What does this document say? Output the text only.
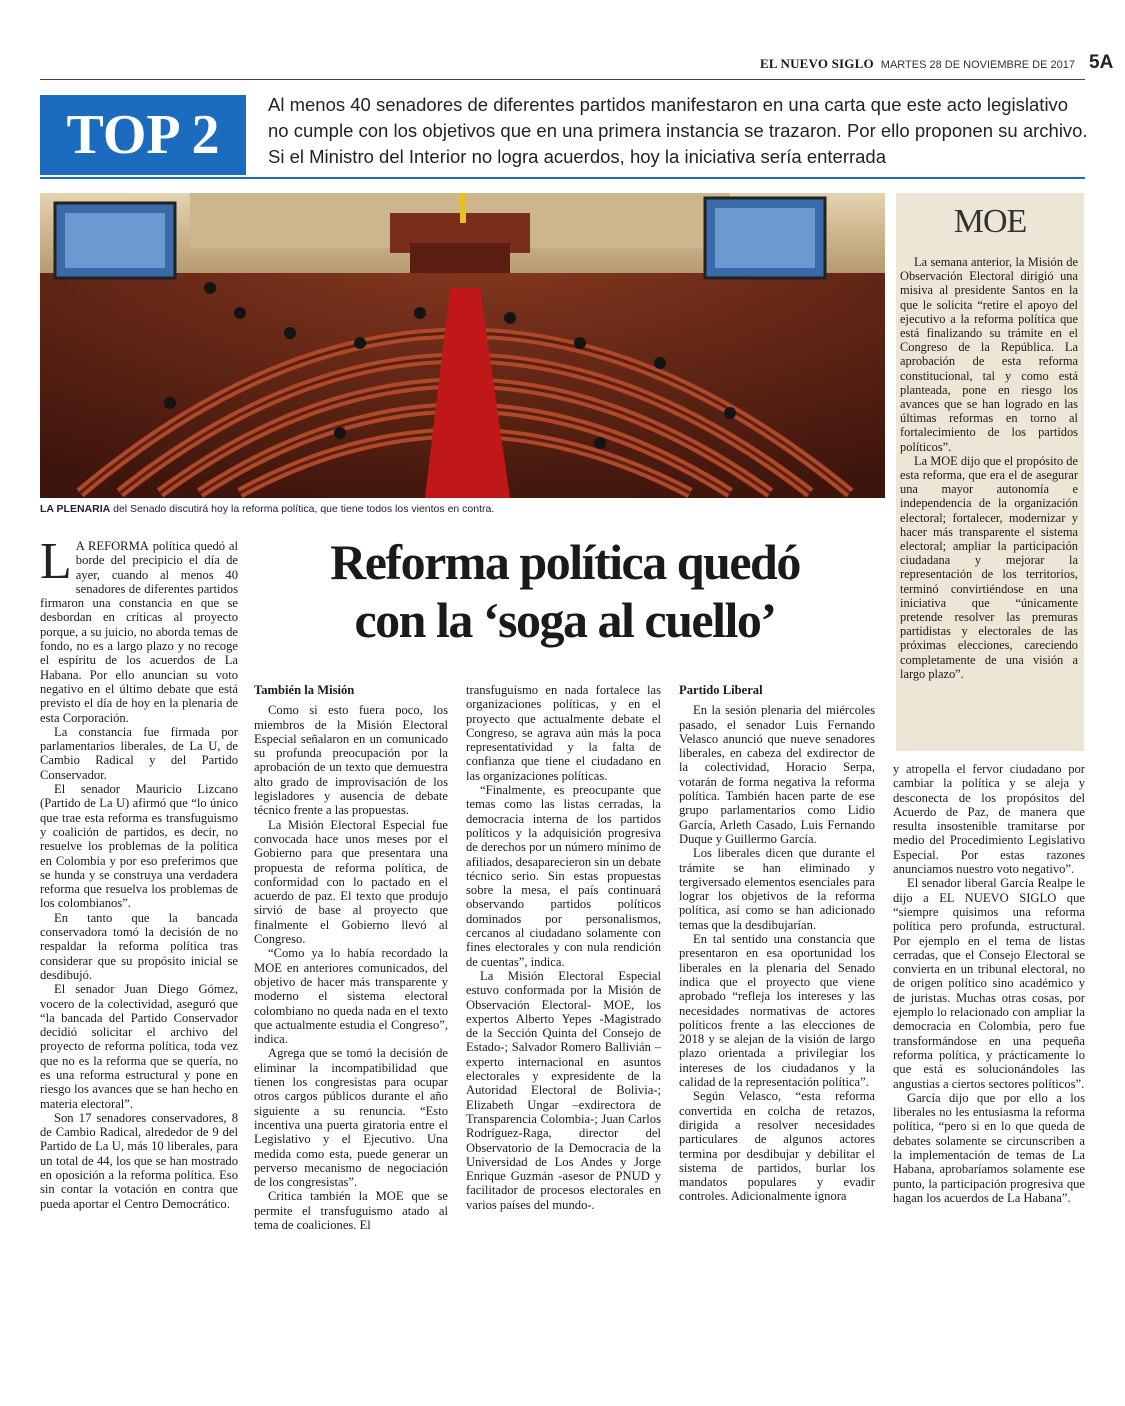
EL NUEVO SIGLO MARTES 28 DE NOVIEMBRE DE 2017 5A
TOP 2	Al menos 40 senadores de diferentes partidos manifestaron en una carta que este acto legislativo no cumple con los objetivos que en una primera instancia se trazaron. Por ello proponen su archivo. Si el Ministro del Interior no logra acuerdos, hoy la iniciativa sería enterrada
LA PLENARIA del Senado discutirá hoy la reforma política, que tiene todos los vientos en contra.
MOE

La semana anterior, la Misión de Observación Electoral dirigió una misiva al presidente Santos en la que le solicita “retire el apoyo del ejecutivo a la reforma política que está finalizando su trámite en el Congreso de la República. La aprobación de esta reforma constitucional, tal y como está planteada, pone en riesgo los avances que se han logrado en las últimas reformas en torno al fortalecimiento de los partidos políticos”.

La MOE dijo que el propósito de esta reforma, que era el de asegurar una mayor autonomía e independencia de la organización electoral; fortalecer, modernizar y hacer más transparente el sistema electoral; ampliar la participación ciudadana y mejorar la representación de los territorios, terminó convirtiéndose en una iniciativa que “únicamente pretende resolver las premuras partidistas y electorales de las próximas elecciones, careciendo completamente de una visión a largo plazo”.

Reforma política quedó
con la ‘soga al cuello’

L A REFORMA política quedó al borde del precipicio el día de ayer, cuando al menos 40 senadores de diferentes partidos firmaron una constancia en que se desbordan en críticas al proyecto porque, a su juicio, no aborda temas de fondo, no es a largo plazo y no recoge el espíritu de los acuerdos de La Habana. Por ello anuncian su voto negativo en el último debate que está previsto el día de hoy en la plenaria de esta Corporación.

La constancia fue firmada por parlamentarios liberales, de La U, de Cambio Radical y del Partido Conservador.

El senador Mauricio Lizcano (Partido de La U) afirmó que “lo único que trae esta reforma es transfuguismo y coalición de partidos, es decir, no resuelve los problemas de la política en Colombia y por eso preferimos que se hunda y se construya una verdadera reforma que resuelva los problemas de los colombianos”.

En tanto que la bancada conservadora tomó la decisión de no respaldar la reforma política tras considerar que su propósito inicial se desdibujó.

El senador Juan Diego Gómez, vocero de la colectividad, aseguró que “la bancada del Partido Conservador decidió solicitar el archivo del proyecto de reforma política, toda vez que no es la reforma que se quería, no es una reforma estructural y pone en riesgo los avances que se han hecho en materia electoral”.

Son 17 senadores conservadores, 8 de Cambio Radical, alrededor de 9 del Partido de La U, más 10 liberales, para un total de 44, los que se han mostrado en oposición a la reforma política. Eso sin contar la votación en contra que pueda aportar el Centro Democrático.

También la Misión

Como si esto fuera poco, los miembros de la Misión Electoral Especial señalaron en un comunicado su profunda preocupación por la aprobación de un texto que demuestra alto grado de improvisación de los legisladores y ausencia de debate técnico frente a las propuestas.

La Misión Electoral Especial fue convocada hace unos meses por el Gobierno para que presentara una propuesta de reforma política, de conformidad con lo pactado en el acuerdo de paz. El texto que produjo sirvió de base al proyecto que finalmente el Gobierno llevó al Congreso.

“Como ya lo había recordado la MOE en anteriores comunicados, del objetivo de hacer más transparente y moderno el sistema electoral colombiano no queda nada en el texto que actualmente estudia el Congreso”, indica.

Agrega que se tomó la decisión de eliminar la incompatibilidad que tienen los congresistas para ocupar otros cargos públicos durante el año siguiente a su renuncia. “Esto incentiva una puerta giratoria entre el Legislativo y el Ejecutivo. Una medida como esta, puede generar un perverso mecanismo de negociación de los congresistas”.

Critica también la MOE que se permite el transfuguismo atado al tema de coaliciones. El

transfuguismo en nada fortalece las organizaciones políticas, y en el proyecto que actualmente debate el Congreso, se agrava aún más la poca representatividad y la falta de confianza que tiene el ciudadano en las organizaciones políticas.

“Finalmente, es preocupante que temas como las listas cerradas, la democracia interna de los partidos políticos y la adquisición progresiva de derechos por un número mínimo de afiliados, desaparecieron sin un debate técnico serio. Sin estas propuestas sobre la mesa, el país continuará observando partidos políticos dominados por personalismos, cercanos al ciudadano solamente con fines electorales y con nula rendición de cuentas”, indica.

La Misión Electoral Especial estuvo conformada por la Misión de Observación Electoral- MOE, los expertos Alberto Yepes -Magistrado de la Sección Quinta del Consejo de Estado-; Salvador Romero Ballivián –experto internacional en asuntos electorales y expresidente de la Autoridad Electoral de Bolivia-; Elizabeth Ungar –exdirectora de Transparencia Colombia-; Juan Carlos Rodríguez-Raga, director del Observatorio de la Democracia de la Universidad de Los Andes y Jorge Enrique Guzmán -asesor de PNUD y facilitador de procesos electorales en varios países del mundo-.

Partido Liberal

En la sesión plenaria del miércoles pasado, el senador Luis Fernando Velasco anunció que nueve senadores liberales, en cabeza del exdirector de la colectividad, Horacio Serpa, votarán de forma negativa la reforma política. También hacen parte de ese grupo parlamentarios como Lidio García, Arleth Casado, Luis Fernando Duque y Guillermo García.

Los liberales dicen que durante el trámite se han eliminado y tergiversado elementos esenciales para lograr los objetivos de la reforma política, así como se han adicionado temas que la desdibujarían.

En tal sentido una constancia que presentaron en esa oportunidad los liberales en la plenaria del Senado indica que el proyecto que viene aprobado “refleja los intereses y las necesidades normativas de actores políticos frente a las elecciones de 2018 y se alejan de la visión de largo plazo orientada a privilegiar los intereses de los ciudadanos y la calidad de la representación política”.

Según Velasco, “esta reforma convertida en colcha de retazos, dirigida a resolver necesidades particulares de algunos actores termina por desdibujar y debilitar el sistema de partidos, burlar los mandatos populares y evadir controles. Adicionalmente ignora

y atropella el fervor ciudadano por cambiar la política y se aleja y desconecta de los propósitos del Acuerdo de Paz, de manera que resulta insostenible tramitarse por medio del Procedimiento Legislativo Especial. Por estas razones anunciamos nuestro voto negativo”.

El senador liberal García Realpe le dijo a EL NUEVO SIGLO que “siempre quisimos una reforma política pero profunda, estructural. Por ejemplo en el tema de listas cerradas, que el Consejo Electoral se convierta en un tribunal electoral, no de origen político sino académico y de juristas. Muchas otras cosas, por ejemplo lo relacionado con ampliar la democracia en Colombia, pero fue transformándose en una pequeña reforma política, y prácticamente lo que está es solucionándoles las angustias a ciertos sectores políticos”.

García dijo que por ello a los liberales no les entusiasma la reforma política, “pero si en lo que queda de debates solamente se circunscriben a la implementación de temas de La Habana, aprobaríamos solamente ese punto, la participación progresiva que hagan los acuerdos de La Habana”.
